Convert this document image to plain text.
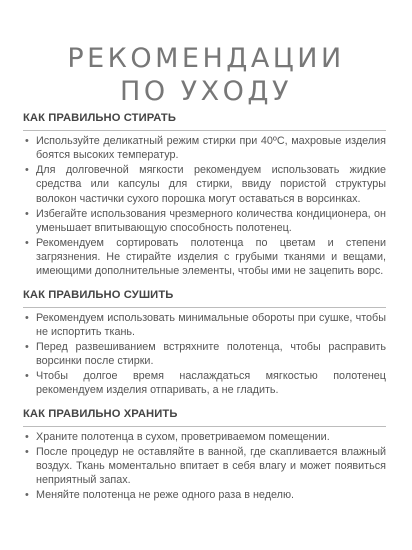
РЕКОМЕНДАЦИИ
ПО УХОДУ
КАК ПРАВИЛЬНО СТИРАТЬ
• Используйте деликатный режим стирки при 40ºС, махровые изделия боятся высоких температур.
• Для долговечной мягкости рекомендуем использовать жидкие средства или капсулы для стирки, ввиду пористой структуры волокон частички сухого порошка могут оставаться в ворсинках.
• Избегайте использования чрезмерного количества кондиционера, он уменьшает впитывающую способность полотенец.
• Рекомендуем сортировать полотенца по цветам и степени загрязнения. Не стирайте изделия с грубыми тканями и вещами, имеющими дополнительные элементы, чтобы ими не зацепить ворс.
КАК ПРАВИЛЬНО СУШИТЬ
• Рекомендуем использовать минимальные обороты при сушке, чтобы не испортить ткань.
• Перед развешиванием встряхните полотенца, чтобы расправить ворсинки после стирки.
• Чтобы долгое время наслаждаться мягкостью полотенец рекомендуем изделия отпаривать, а не гладить.
КАК ПРАВИЛЬНО ХРАНИТЬ
• Храните полотенца в сухом, проветриваемом помещении.
• После процедур не оставляйте в ванной, где скапливается влажный воздух. Ткань моментально впитает в себя влагу и может появиться неприятный запах.
• Меняйте полотенца не реже одного раза в неделю.
